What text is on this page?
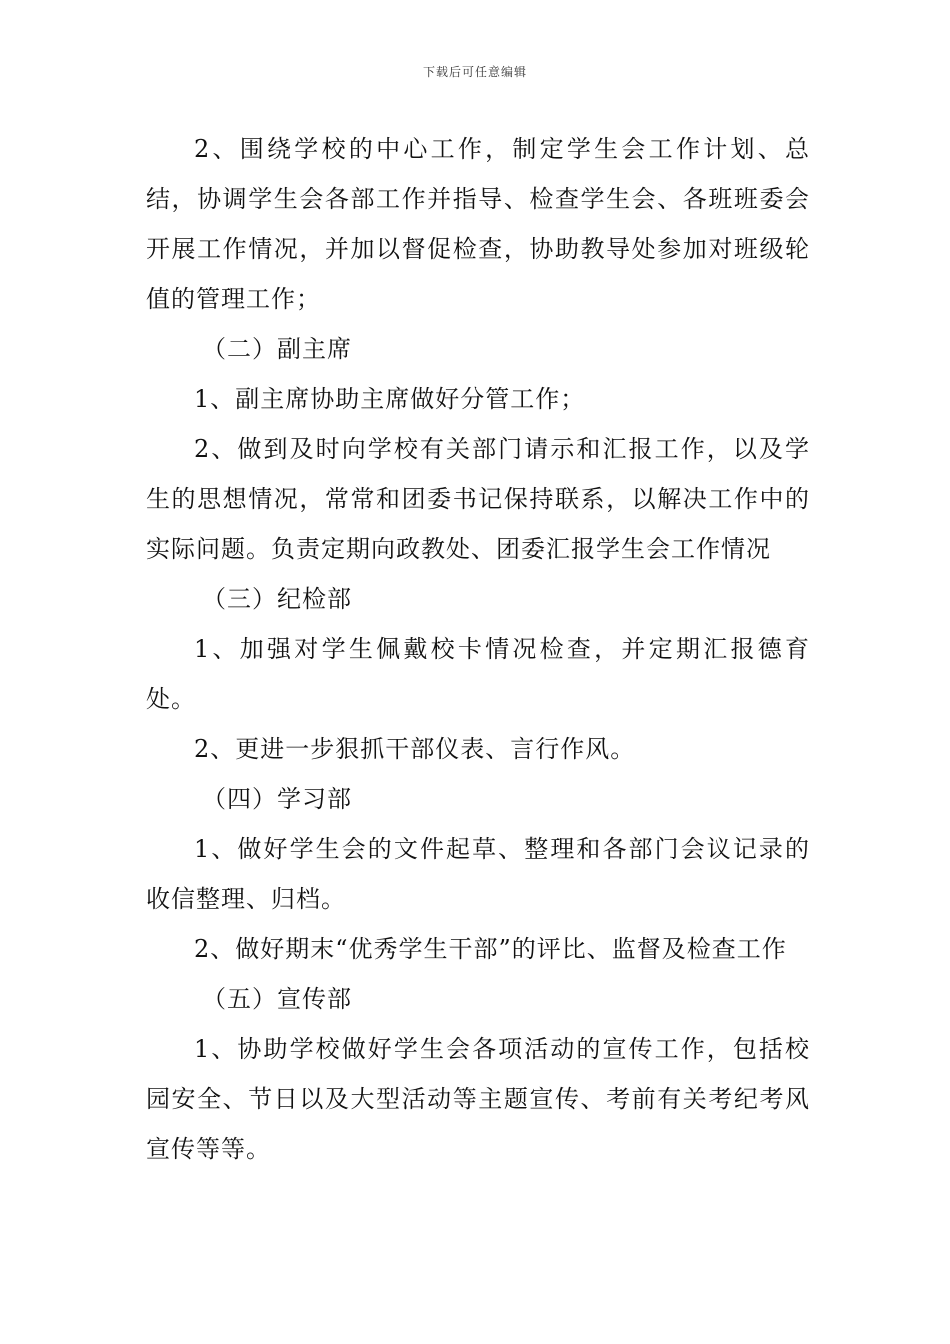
下载后可任意编辑

2、围绕学校的中心工作，制定学生会工作计划、总结，协调学生会各部工作并指导、检查学生会、各班班委会开展工作情况，并加以督促检查，协助教导处参加对班级轮值的管理工作；

（二）副主席

1、副主席协助主席做好分管工作；

2、做到及时向学校有关部门请示和汇报工作，以及学生的思想情况，常常和团委书记保持联系，以解决工作中的实际问题。负责定期向政教处、团委汇报学生会工作情况

（三）纪检部

1、加强对学生佩戴校卡情况检查，并定期汇报德育处。

2、更进一步狠抓干部仪表、言行作风。

（四）学习部

1、做好学生会的文件起草、整理和各部门会议记录的收信整理、归档。

2、做好期末“优秀学生干部”的评比、监督及检查工作

（五）宣传部

1、协助学校做好学生会各项活动的宣传工作，包括校园安全、节日以及大型活动等主题宣传、考前有关考纪考风宣传等等。
